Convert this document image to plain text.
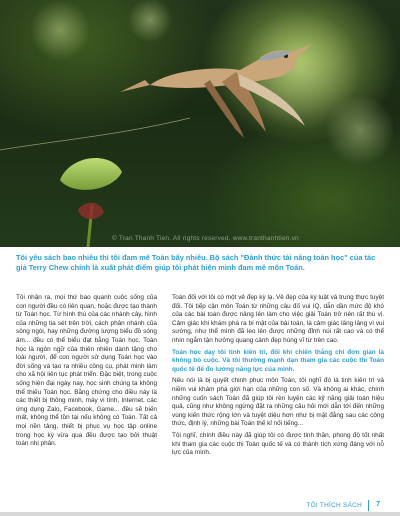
© Tran Thanh Tien. All rights reserved. www.tranthanhtien.vn
Tôi yêu sách bao nhiêu thì tôi đam mê Toán bấy nhiêu. Bộ sách "Đánh thức tài năng toán học" của tác giả Terry Chew chính là xuất phát điểm giúp tôi phát hiện mình đam mê môn Toán.

Tôi nhận ra, mọi thứ bao quanh cuộc sống của con người đều có liên quan, hoặc được tạo thành từ Toán học. Từ hình thù của các nhành cây, hình của những tia sét trên trời, cách phân nhánh của sông ngòi, hay những đường lượng biểu đồ sóng âm... đều có thể biểu đạt bằng Toán học. Toán học là ngôn ngữ của thiên nhiên dành tặng cho loài người, để con người sử dụng Toán học vào đời sống và tạo ra nhiều công cụ, phát minh làm cho xã hội liên tục phát triển. Đặc biệt, trong cuộc sống hiện đại ngày nay, học sinh chúng ta không thể thiếu Toán học. Bằng chứng cho điều này là các thiết bị thông minh, máy vi tính, Internet, các ứng dụng Zalo, Facebook, Game... đều sẽ biến mất, không thể tồn tại nếu không có Toán. Tất cả mọi nền tảng, thiết bị phục vụ học tập online trong học kỳ vừa qua đều được tạo bởi thuật toán nhị phân.

Toán đối với tôi có một vẻ đẹp kỳ lạ. Vẻ đẹp của kỳ luật và trung thực tuyệt đối. Tôi tiếp cận môn Toán từ những câu đố vui IQ, dẫn dần mức độ khó của các bài toán được nâng lên làm cho việc giải Toán trở nên rất thú vị. Cảm giác khi khám phá ra bí mật của bài toán, là cảm giác lâng lâng vì vui sướng, như thể mình đã leo lên được những đỉnh núi rất cao và có thể nhìn ngắm tận hưởng quang cảnh đẹp hùng vĩ từ trên cao.

Toán học dạy tôi tính kiên trì, đối khi chiến thắng chỉ đơn giản là không bỏ cuộc. Và tôi thường mạnh dạn tham gia các cuộc thi Toán quốc tế để đo lường năng lực của mình.

Nếu nói là bị quyết chinh phục môn Toán, tôi nghĩ đó là tinh kiên trì và niềm vui khám phá giới hạn của những con số. Và không ai khác, chính những cuốn sách Toán đã giúp tôi rèn luyện các kỹ năng giải toán hiệu quả, cũng như không ngừng đặt ra những câu hỏi mới dẫn tới đến những vùng kiến thức rộng lớn và tuyệt diệu hơn như bị mặt đằng sau các công thức, định lý, những bài Toán thế kỉ nối tiếng...

Tôi nghĩ, chính điều này đã giúp tôi có được tinh thần, phong độ tốt nhất khi tham gia các cuộc thi Toán quốc tế và có thành tích xứng đáng với nỗ lực của mình.

TÔI THÍCH SÁCH 7
